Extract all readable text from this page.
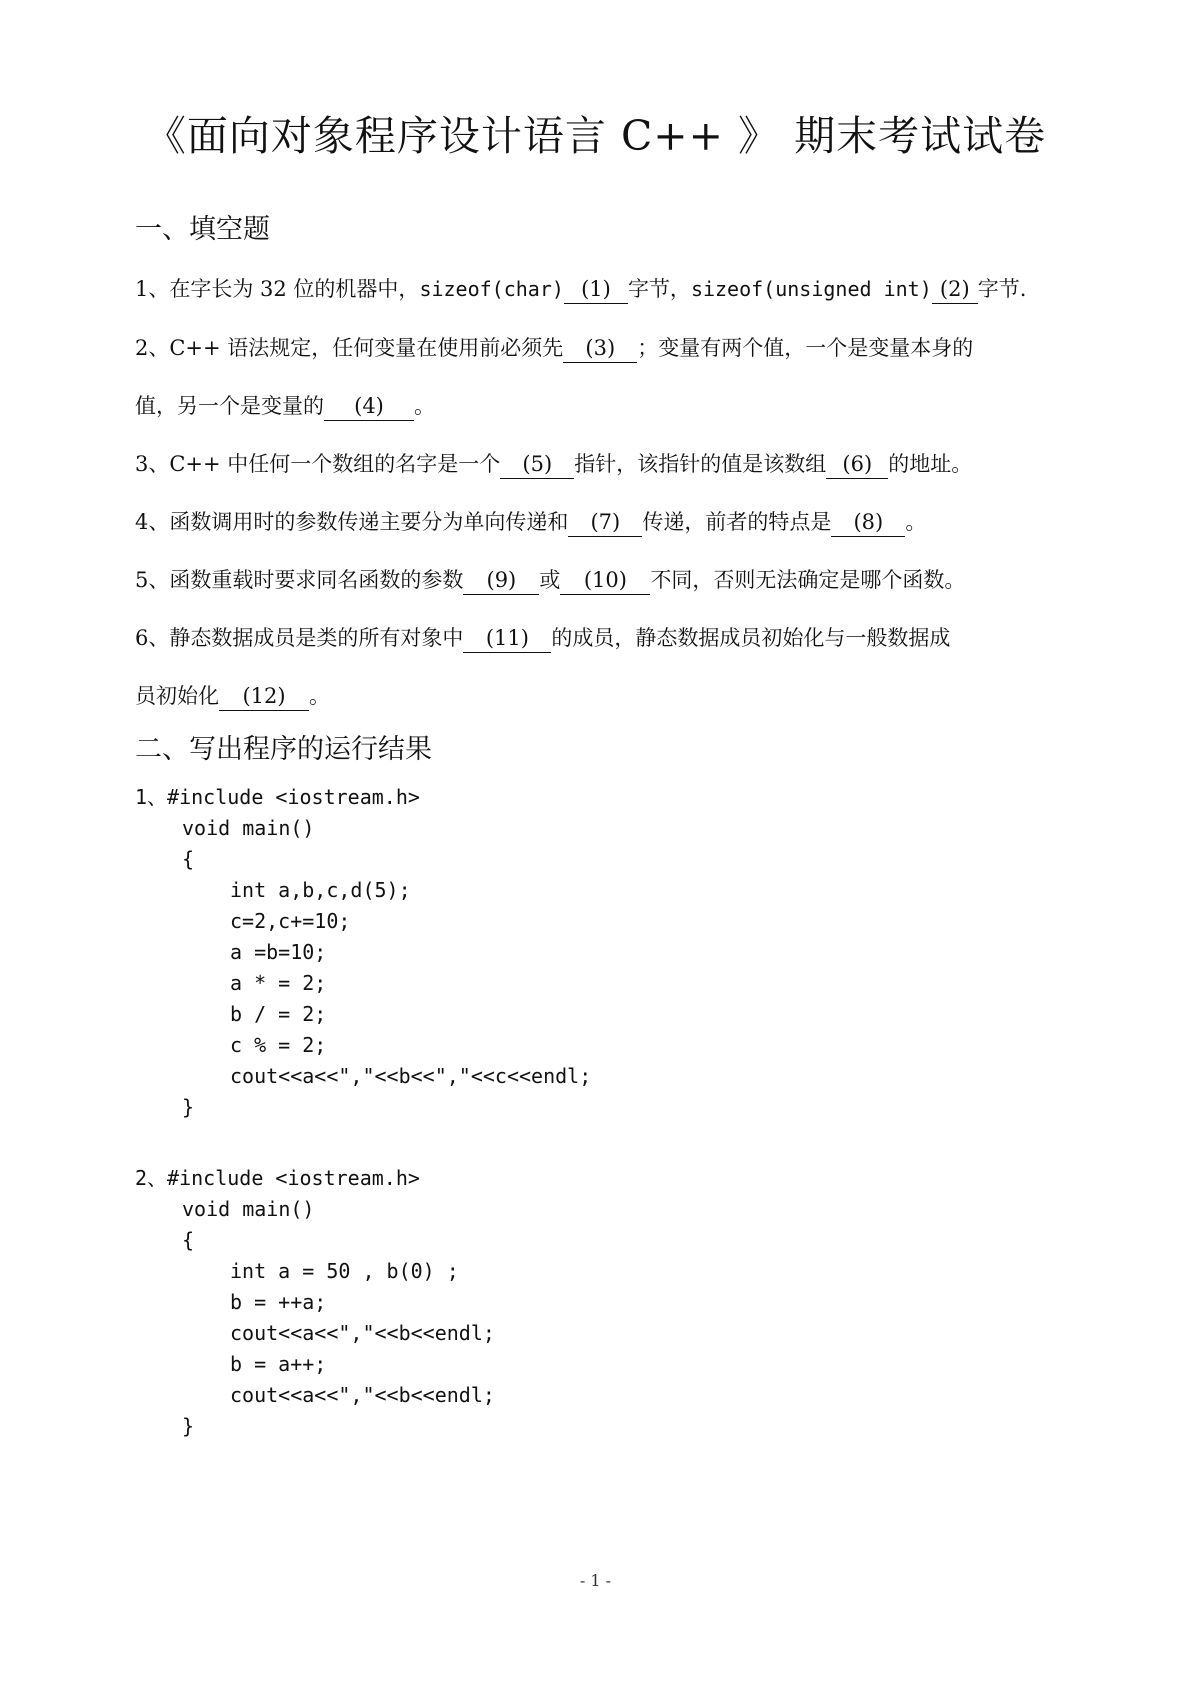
《面向对象程序设计语言 C++ 》 期末考试试卷
一、填空题
1、在字长为 32 位的机器中，sizeof(char) (1) 字节，sizeof(unsigned int) (2) 字节.
2、C++ 语法规定，任何变量在使用前必须先 (3) ；变量有两个值，一个是变量本身的
值，另一个是变量的 (4) 。
3、C++ 中任何一个数组的名字是一个 (5) 指针，该指针的值是该数组 (6) 的地址。
4、函数调用时的参数传递主要分为单向传递和 (7) 传递，前者的特点是 (8) 。
5、函数重载时要求同名函数的参数 (9) 或 (10) 不同，否则无法确定是哪个函数。
6、静态数据成员是类的所有对象中 (11) 的成员，静态数据成员初始化与一般数据成
员初始化 (12) 。
二、写出程序的运行结果
1、#include <iostream.h>
void main()
{
int a,b,c,d(5);
c=2,c+=10;
a =b=10;
a * = 2;
b / = 2;
c % = 2;
cout<<a<<","<<b<<","<<c<<endl;
}
2、#include <iostream.h>
void main()
{
int a = 50 , b(0) ;
b = ++a;
cout<<a<<","<<b<<endl;
b = a++;
cout<<a<<","<<b<<endl;
}
- 1 -
